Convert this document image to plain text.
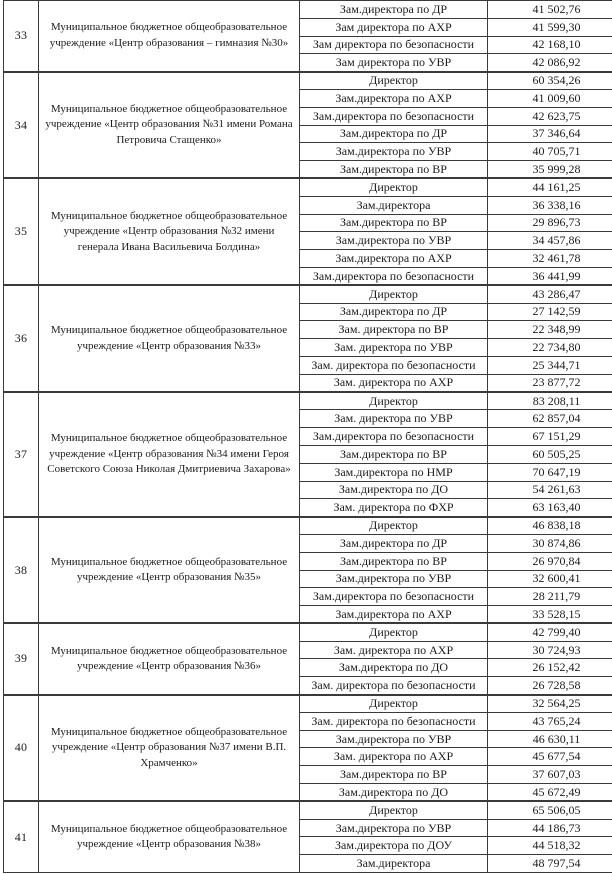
33	Муниципальное бюджетное общеобразовательное учреждение «Центр образования – гимназия №30»	Зам.директора по ДР	41 502,76
		Зам директора по АХР	41 599,30
		Зам директора по безопасности	42 168,10
		Зам директора по УВР	42 086,92
34	Муниципальное бюджетное общеобразовательное учреждение «Центр образования №31 имени Романа Петровича Стащенко»	Директор	60 354,26
		Зам.директора по АХР	41 009,60
		Зам.директора по безопасности	42 623,75
		Зам.директора по ДР	37 346,64
		Зам.директора по УВР	40 705,71
		Зам.директора по ВР	35 999,28
35	Муниципальное бюджетное общеобразовательное учреждение «Центр образования №32 имени генерала Ивана Васильевича Болдина»	Директор	44 161,25
		Зам.директора	36 338,16
		Зам.директора по ВР	29 896,73
		Зам.директора по УВР	34 457,86
		Зам.директора по АХР	32 461,78
		Зам.директора по безопасности	36 441,99
36	Муниципальное бюджетное общеобразовательное учреждение «Центр образования №33»	Директор	43 286,47
		Зам.директора по ДР	27 142,59
		Зам. директора по ВР	22 348,99
		Зам. директора по УВР	22 734,80
		Зам. директора по безопасности	25 344,71
		Зам. директора по АХР	23 877,72
37	Муниципальное бюджетное общеобразовательное учреждение «Центр образования №34 имени Героя Советского Союза Николая Дмитриевича Захарова»	Директор	83 208,11
		Зам. директора по УВР	62 857,04
		Зам.директора по безопасности	67 151,29
		Зам.директора по ВР	60 505,25
		Зам.директора по НМР	70 647,19
		Зам.директора по ДО	54 261,63
		Зам. директора по ФХР	63 163,40
38	Муниципальное бюджетное общеобразовательное учреждение «Центр образования №35»	Директор	46 838,18
		Зам.директора по ДР	30 874,86
		Зам.директора по ВР	26 970,84
		Зам.директора по УВР	32 600,41
		Зам.директора по безопасности	28 211,79
		Зам.директора по АХР	33 528,15
39	Муниципальное бюджетное общеобразовательное учреждение «Центр образования №36»	Директор	42 799,40
		Зам. директора по АХР	30 724,93
		Зам.директора по ДО	26 152,42
		Зам. директора по безопасности	26 728,58
40	Муниципальное бюджетное общеобразовательное учреждение «Центр образования №37 имени В.П. Храмченко»	Директор	32 564,25
		Зам. директора по безопасности	43 765,24
		Зам.директора по УВР	46 630,11
		Зам. директора по АХР	45 677,54
		Зам.директора по ВР	37 607,03
		Зам.директора по ДО	45 672,49
41	Муниципальное бюджетное общеобразовательное учреждение «Центр образования №38»	Директор	65 506,05
		Зам.директора по УВР	44 186,73
		Зам.директора по ДОУ	44 518,32
		Зам.директора	48 797,54
